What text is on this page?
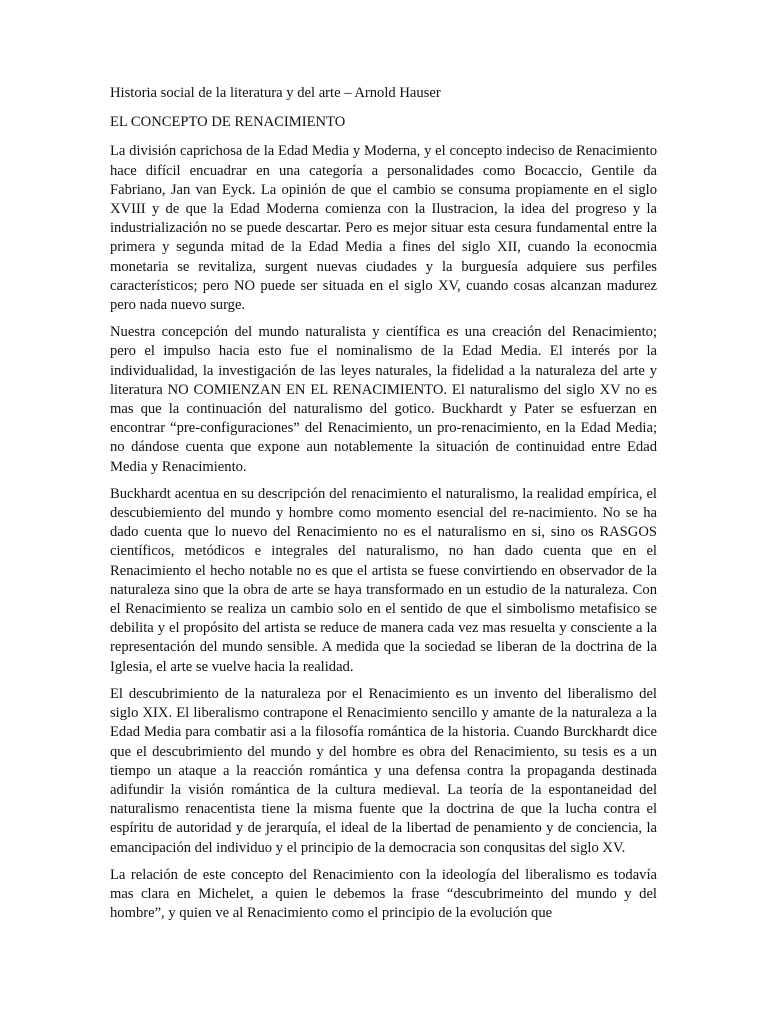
Historia social de la literatura y del arte – Arnold Hauser
EL CONCEPTO DE RENACIMIENTO

La división caprichosa de la Edad Media y Moderna, y el concepto indeciso de Renacimiento hace difícil encuadrar en una categoría a personalidades como Bocaccio, Gentile da Fabriano, Jan van Eyck. La opinión de que el cambio se consuma propiamente en el siglo XVIII y de que la Edad Moderna comienza con la Ilustracion, la idea del progreso y la industrialización no se puede descartar. Pero es mejor situar esta cesura fundamental entre la primera y segunda mitad de la Edad Media a fines del siglo XII, cuando la econocmia monetaria se revitaliza, surgent nuevas ciudades y la burguesía adquiere sus perfiles característicos; pero NO puede ser situada en el siglo XV, cuando cosas alcanzan madurez pero nada nuevo surge.

Nuestra concepción del mundo naturalista y científica es una creación del Renacimiento; pero el impulso hacia esto fue el nominalismo de la Edad Media. El interés por la individualidad, la investigación de las leyes naturales, la fidelidad a la naturaleza del arte y literatura NO COMIENZAN EN EL RENACIMIENTO. El naturalismo del siglo XV no es mas que la continuación del naturalismo del gotico. Buckhardt y Pater se esfuerzan en encontrar “pre-configuraciones” del Renacimiento, un pro-renacimiento, en la Edad Media; no dándose cuenta que expone aun notablemente la situación de continuidad entre Edad Media y Renacimiento.

Buckhardt acentua en su descripción del renacimiento el naturalismo, la realidad empírica, el descubiemiento del mundo y hombre como momento esencial del re-nacimiento. No se ha dado cuenta que lo nuevo del Renacimiento no es el naturalismo en si, sino os RASGOS científicos, metódicos e integrales del naturalismo, no han dado cuenta que en el Renacimiento el hecho notable no es que el artista se fuese convirtiendo en observador de la naturaleza sino que la obra de arte se haya transformado en un estudio de la naturaleza. Con el Renacimiento se realiza un cambio solo en el sentido de que el simbolismo metafisico se debilita y el propósito del artista se reduce de manera cada vez mas resuelta y consciente a la representación del mundo sensible. A medida que la sociedad se liberan de la doctrina de la Iglesia, el arte se vuelve hacia la realidad.

El descubrimiento de la naturaleza por el Renacimiento es un invento del liberalismo del siglo XIX. El liberalismo contrapone el Renacimiento sencillo y amante de la naturaleza a la Edad Media para combatir asi a la filosofía romántica de la historia. Cuando Burckhardt dice que el descubrimiento del mundo y del hombre es obra del Renacimiento, su tesis es a un tiempo un ataque a la reacción romántica y una defensa contra la propaganda destinada adifundir la visión romántica de la cultura medieval. La teoría de la espontaneidad del naturalismo renacentista tiene la misma fuente que la doctrina de que la lucha contra el espíritu de autoridad y de jerarquía, el ideal de la libertad de penamiento y de conciencia, la emancipación del individuo y el principio de la democracia son conqusitas del siglo XV.

La relación de este concepto del Renacimiento con la ideología del liberalismo es todavía mas clara en Michelet, a quien le debemos la frase “descubrimeinto del mundo y del hombre”, y quien ve al Renacimiento como el principio de la evolución que
